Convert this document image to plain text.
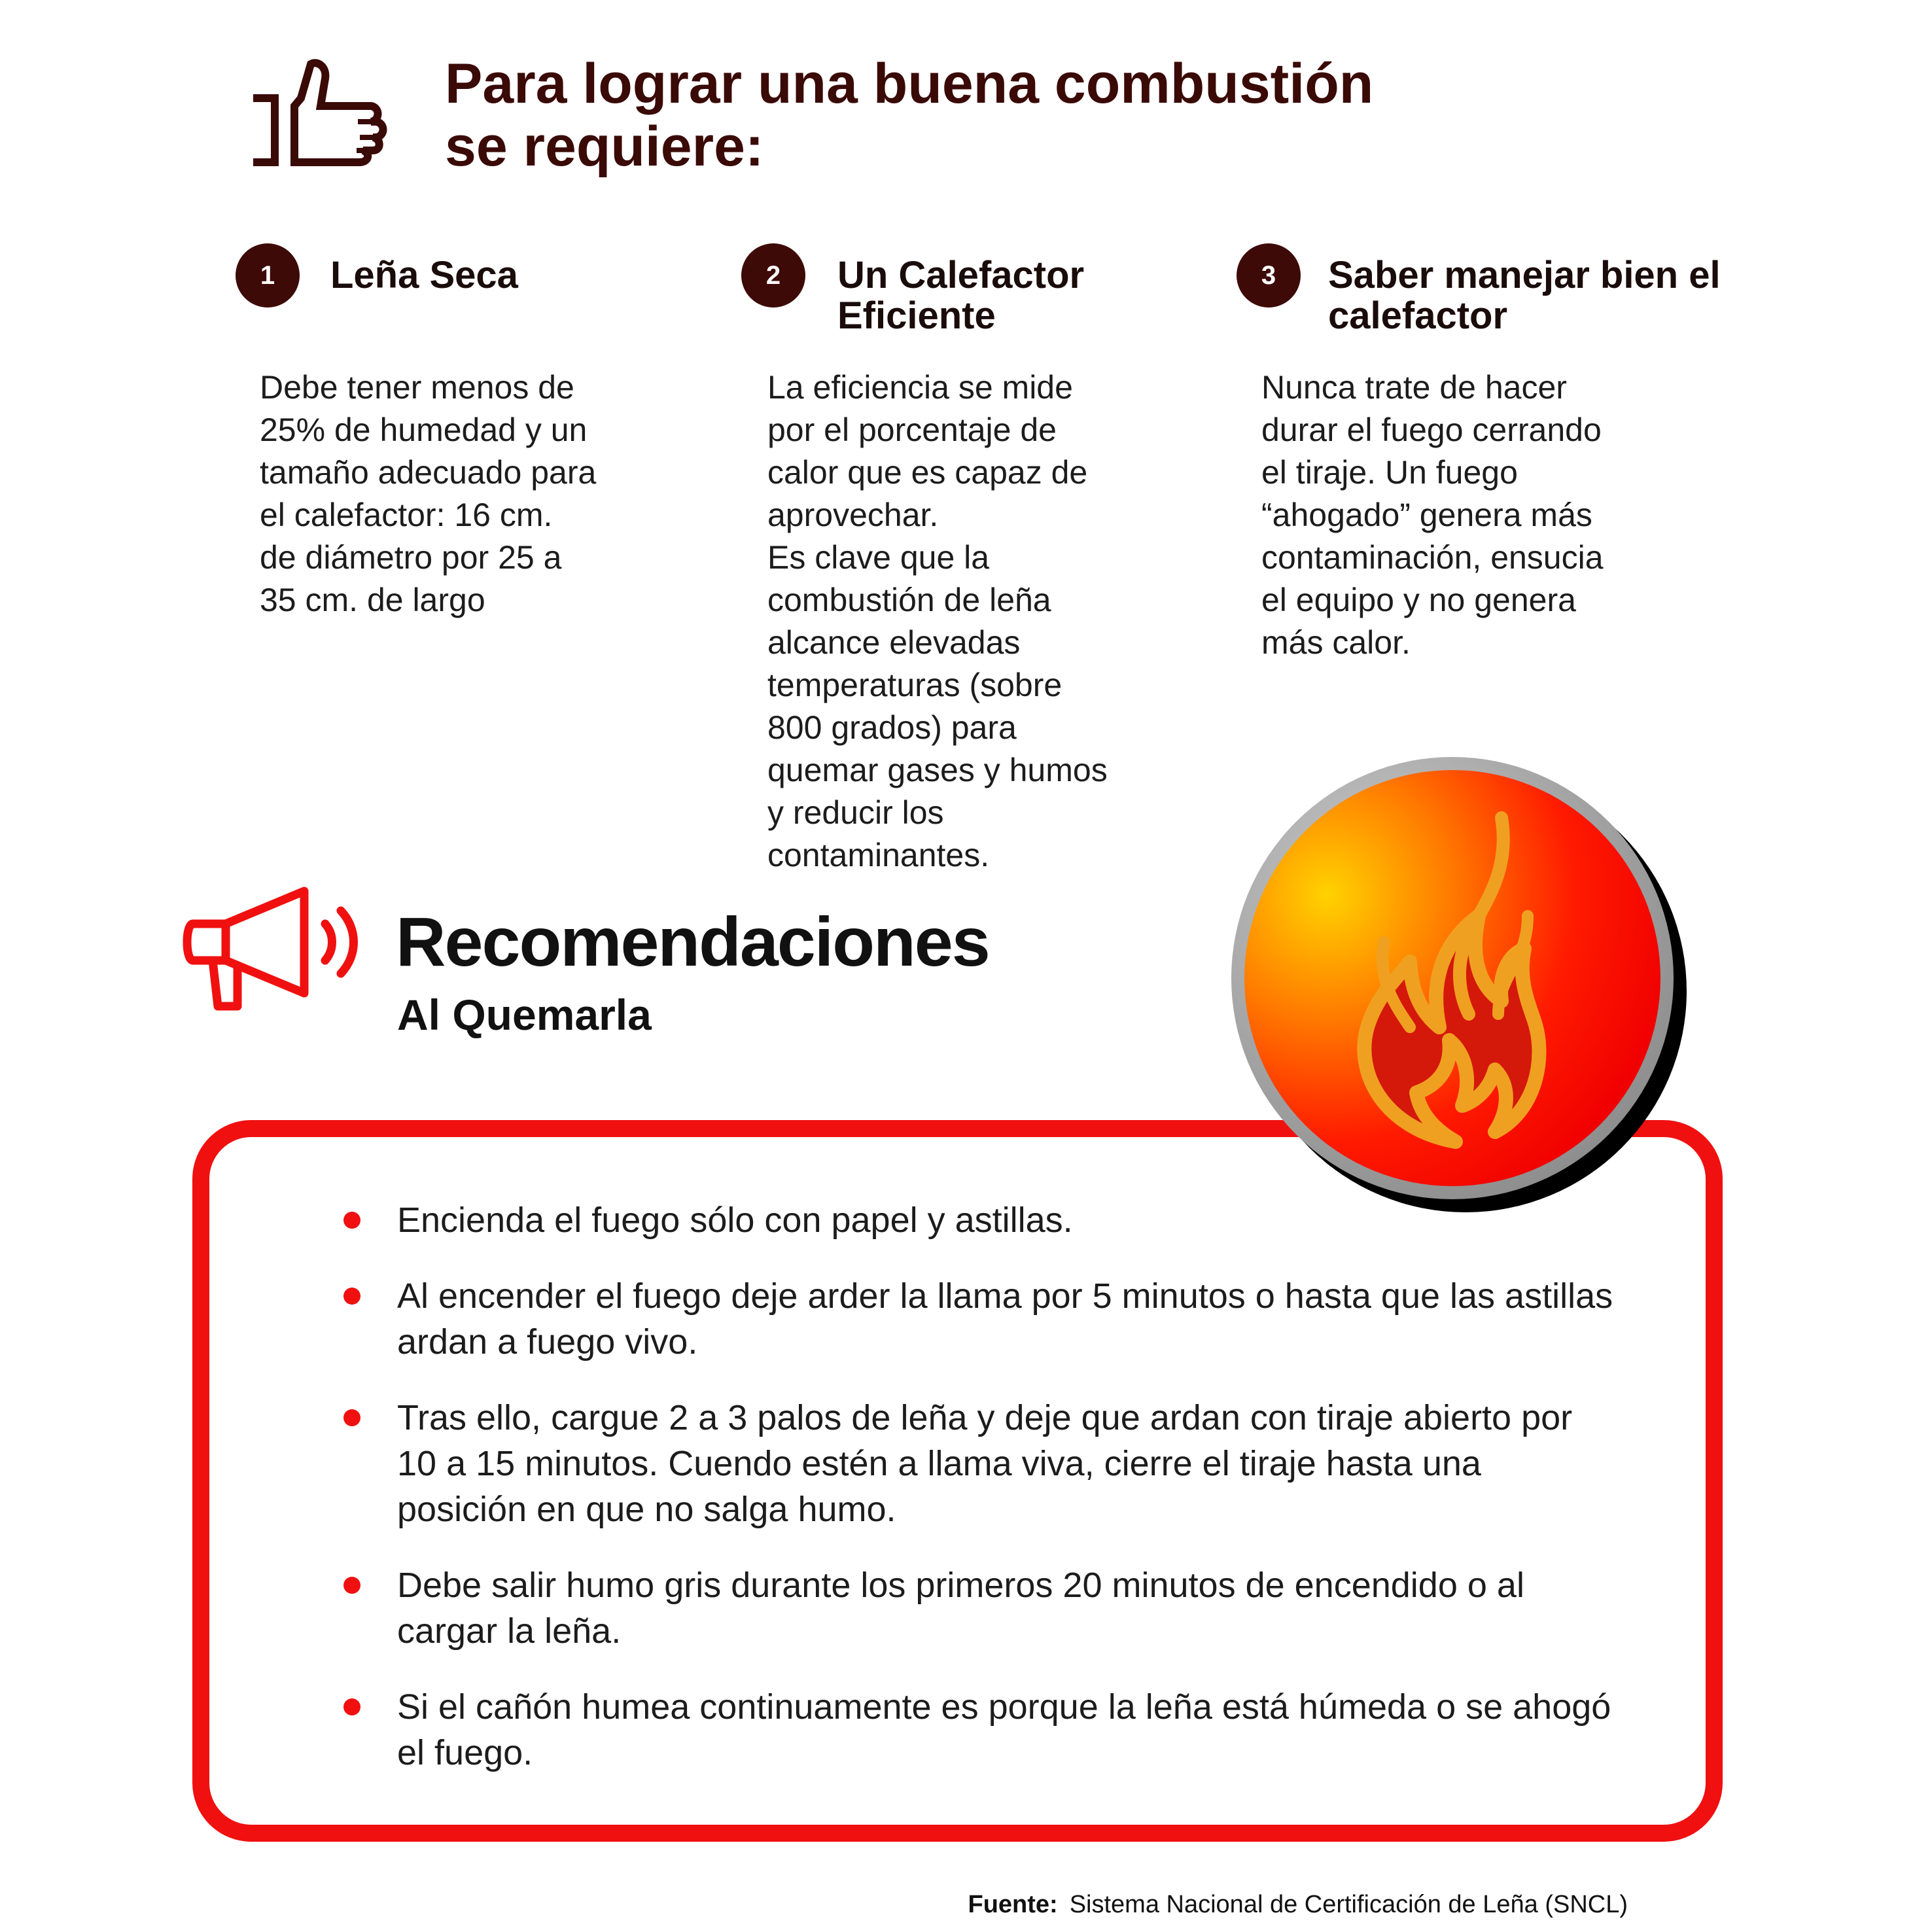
Para lograr una buena combustión
se requiere:
1	Leña Seca
Debe tener menos de
25% de humedad y un
tamaño adecuado para
el calefactor: 16 cm.
de diámetro por 25 a
35 cm. de largo
2	Un Calefactor Eficiente
La eficiencia se mide
por el porcentaje de
calor que es capaz de
aprovechar.
Es clave que la
combustión de leña
alcance elevadas
temperaturas (sobre
800 grados) para
quemar gases y humos
y reducir los
contaminantes.
3	Saber manejar bien el calefactor
Nunca trate de hacer
durar el fuego cerrando
el tiraje. Un fuego
“ahogado” genera más
contaminación, ensucia
el equipo y no genera
más calor.
Recomendaciones
Al Quemarla
Encienda el fuego sólo con papel y astillas.
Al encender el fuego deje arder la llama por 5 minutos o hasta que las astillas ardan a fuego vivo.
Tras ello, cargue 2 a 3 palos de leña y deje que ardan con tiraje abierto por 10 a 15 minutos. Cuendo estén a llama viva, cierre el tiraje hasta una posición en que no salga humo.
Debe salir humo gris durante los primeros 20 minutos de encendido o al cargar la leña.
Si el cañón humea continuamente es porque la leña está húmeda o se ahogó el fuego.
Fuente: Sistema Nacional de Certificación de Leña (SNCL)
